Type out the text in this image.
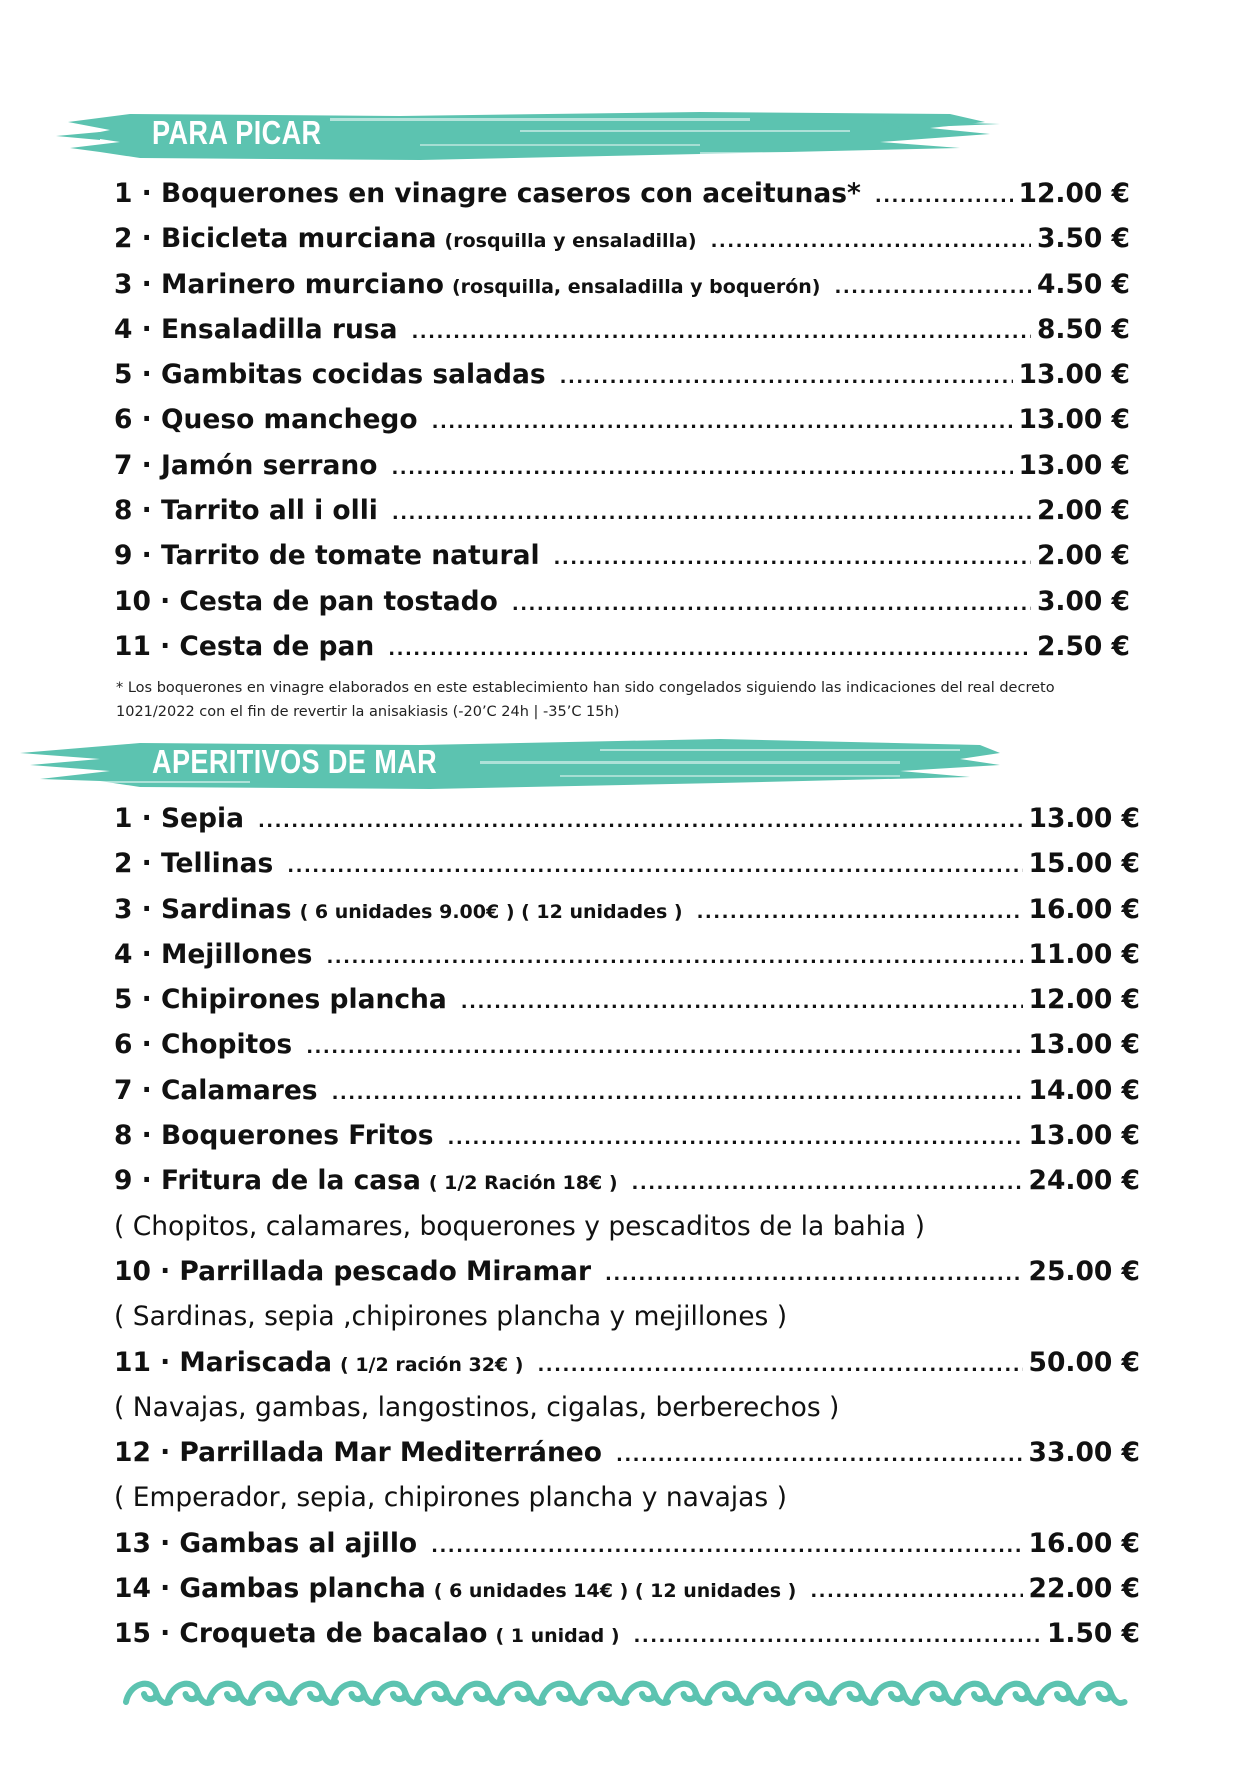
PARA PICAR
1 · Boquerones en vinagre caseros con aceitunas* .....	12.00 €
2 · Bicicleta murciana (rosquilla y ensaladilla) .....	3.50 €
3 · Marinero murciano (rosquilla, ensaladilla y boquerón) .....	4.50 €
4 · Ensaladilla rusa .....	8.50 €
5 · Gambitas cocidas saladas .....	13.00 €
6 · Queso manchego .....	13.00 €
7 · Jamón serrano .....	13.00 €
8 · Tarrito all i olli .....	2.00 €
9 · Tarrito de tomate natural .....	2.00 €
10 · Cesta de pan tostado .....	3.00 €
11 · Cesta de pan .....	2.50 €
* Los boquerones en vinagre elaborados en este establecimiento han sido congelados siguiendo las indicaciones del real decreto 1021/2022 con el fin de revertir la anisakiasis (-20’C 24h | -35’C 15h)
APERITIVOS DE MAR
1 · Sepia .....	13.00 €
2 · Tellinas .....	15.00 €
3 · Sardinas ( 6 unidades 9.00€ ) ( 12 unidades ) .....	16.00 €
4 · Mejillones .....	11.00 €
5 · Chipirones plancha .....	12.00 €
6 · Chopitos .....	13.00 €
7 · Calamares .....	14.00 €
8 · Boquerones Fritos .....	13.00 €
9 · Fritura de la casa ( 1/2 Ración 18€ ) .....	24.00 €
( Chopitos, calamares, boquerones y pescaditos de la bahia )
10 · Parrillada pescado Miramar .....	25.00 €
( Sardinas, sepia ,chipirones plancha y mejillones )
11 · Mariscada ( 1/2 ración 32€ ) .....	50.00 €
( Navajas, gambas, langostinos, cigalas, berberechos )
12 · Parrillada Mar Mediterráneo .....	33.00 €
( Emperador, sepia, chipirones plancha y navajas )
13 · Gambas al ajillo .....	16.00 €
14 · Gambas plancha ( 6 unidades 14€ ) ( 12 unidades ) .....	22.00 €
15 · Croqueta de bacalao ( 1 unidad ) .....	1.50 €
